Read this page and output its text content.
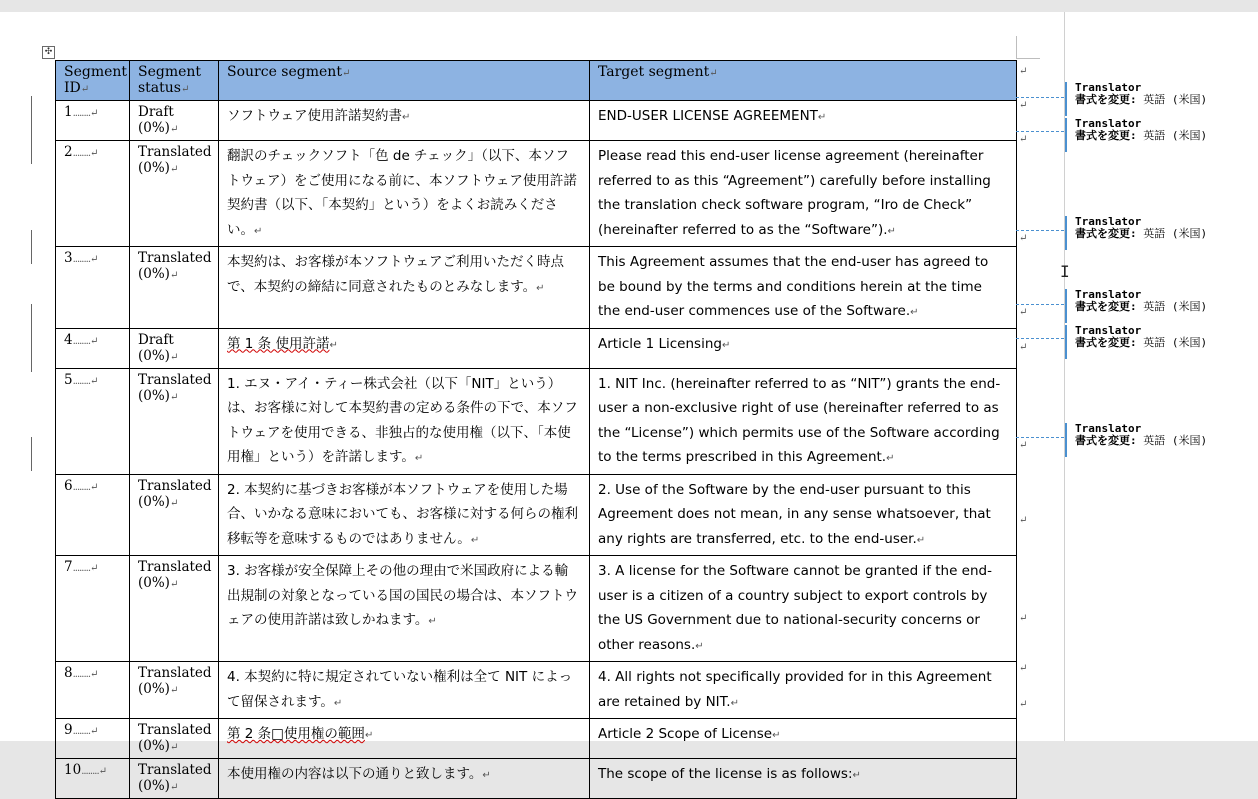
✣
Segment ID↵	Segment status↵	Source segment↵	Target segment↵
1........↵	Draft (0%)↵	ソフトウェア使用許諾契約書↵	END-USER LICENSE AGREEMENT↵
2........↵	Translated (0%)↵	翻訳のチェックソフト「色 de チェック」（以下、本ソフトウェア）をご使用になる前に、本ソフトウェア使用許諾契約書（以下、「本契約」という）をよくお読みください。↵	Please read this end-user license agreement (hereinafter referred to as this “Agreement”) carefully before installing the translation check software program, “Iro de Check” (hereinafter referred to as the “Software”).↵
3........↵	Translated (0%)↵	本契約は、お客様が本ソフトウェアご利用いただく時点で、本契約の締結に同意されたものとみなします。↵	This Agreement assumes that the end-user has agreed to be bound by the terms and conditions herein at the time the end-user commences use of the Software.↵
4........↵	Draft (0%)↵	第 1 条 使用許諾↵	Article 1 Licensing↵
5........↵	Translated (0%)↵	1. エヌ・アイ・ティー株式会社（以下「NIT」という）は、お客様に対して本契約書の定める条件の下で、本ソフトウェアを使用できる、非独占的な使用権（以下、「本使用権」という）を許諾します。↵	1. NIT Inc. (hereinafter referred to as “NIT”) grants the end-user a non-exclusive right of use (hereinafter referred to as the “License”) which permits use of the Software according to the terms prescribed in this Agreement.↵
6........↵	Translated (0%)↵	2. 本契約に基づきお客様が本ソフトウェアを使用した場合、いかなる意味においても、お客様に対する何らの権利移転等を意味するものではありません。↵	2. Use of the Software by the end-user pursuant to this Agreement does not mean, in any sense whatsoever, that any rights are transferred, etc. to the end-user.↵
7........↵	Translated (0%)↵	3. お客様が安全保障上その他の理由で米国政府による輸出規制の対象となっている国の国民の場合は、本ソフトウェアの使用許諾は致しかねます。↵	3. A license for the Software cannot be granted if the end-user is a citizen of a country subject to export controls by the US Government due to national-security concerns or other reasons.↵
8........↵	Translated (0%)↵	4. 本契約に特に規定されていない権利は全て NIT によって留保されます。↵	4. All rights not specifically provided for in this Agreement are retained by NIT.↵
9........↵	Translated (0%)↵	第 2 条□使用権の範囲↵	Article 2 Scope of License↵
10........↵	Translated (0%)↵	本使用権の内容は以下の通りと致します。↵	The scope of the license is as follows:↵
↵
↵
↵
↵
↵
↵
↵
↵
↵
↵
↵
Translator
書式を変更: 英語 (米国)
Translator
書式を変更: 英語 (米国)
Translator
書式を変更: 英語 (米国)
Translator
書式を変更: 英語 (米国)
Translator
書式を変更: 英語 (米国)
Translator
書式を変更: 英語 (米国)
I
